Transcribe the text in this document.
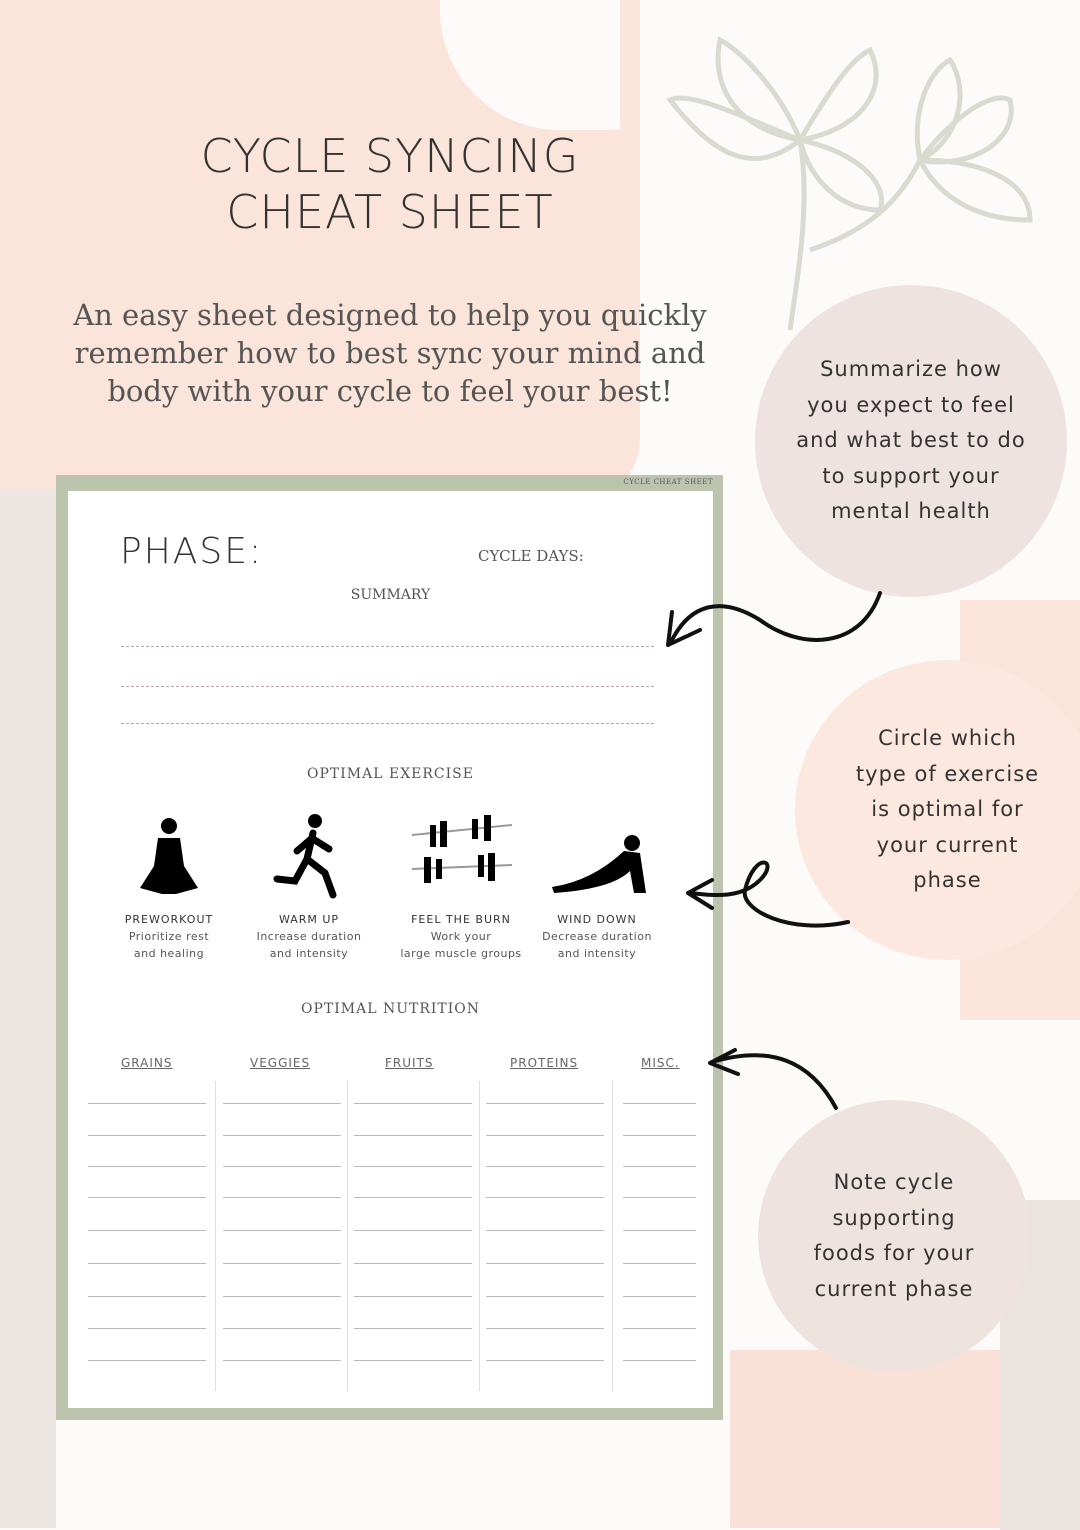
CYCLE SYNCING
CHEAT SHEET
An easy sheet designed to help you quickly
remember how to best sync your mind and
body with your cycle to feel your best!
CYCLE CHEAT SHEET
PHASE:	CYCLE DAYS:
SUMMARY
OPTIMAL EXERCISE
PREWORKOUT
Prioritize rest
and healing
WARM UP
Increase duration
and intensity
FEEL THE BURN
Work your
large muscle groups
WIND DOWN
Decrease duration
and intensity
OPTIMAL NUTRITION
GRAINS	VEGGIES	FRUITS	PROTEINS	MISC.
Summarize how
you expect to feel
and what best to do
to support your
mental health
Circle which
type of exercise
is optimal for
your current
phase
Note cycle
supporting
foods for your
current phase
